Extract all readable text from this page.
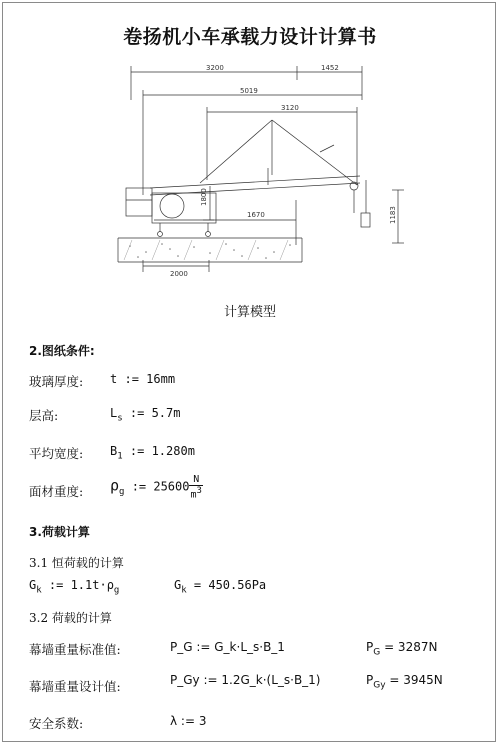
卷扬机小车承载力设计计算书
3200	1452
5019
3120
1800
1670	1183
2000
计算模型
2.图纸条件:
玻璃厚度: t := 16mm
层高:	$L_s$ := 5.7m
平均宽度: $B_1$ := 1.280m
面材重度: $\rho_g$ := $25600 \frac{N}{m^3}$
3.荷载计算
3.1 恒荷载的计算
$G_k$ := $1.1t\cdot\rho_g$	$G_k = 450.56Pa$
3.2 荷载的计算
幕墙重量标准值:	P_G := G_k·L_s·B_1	$P_G = 3287N$
幕墙重量设计值:	P_Gy := 1.2G_k·(L_s·B_1)	$P_{Gy} = 3945N$
安全系数:	λ := 3
